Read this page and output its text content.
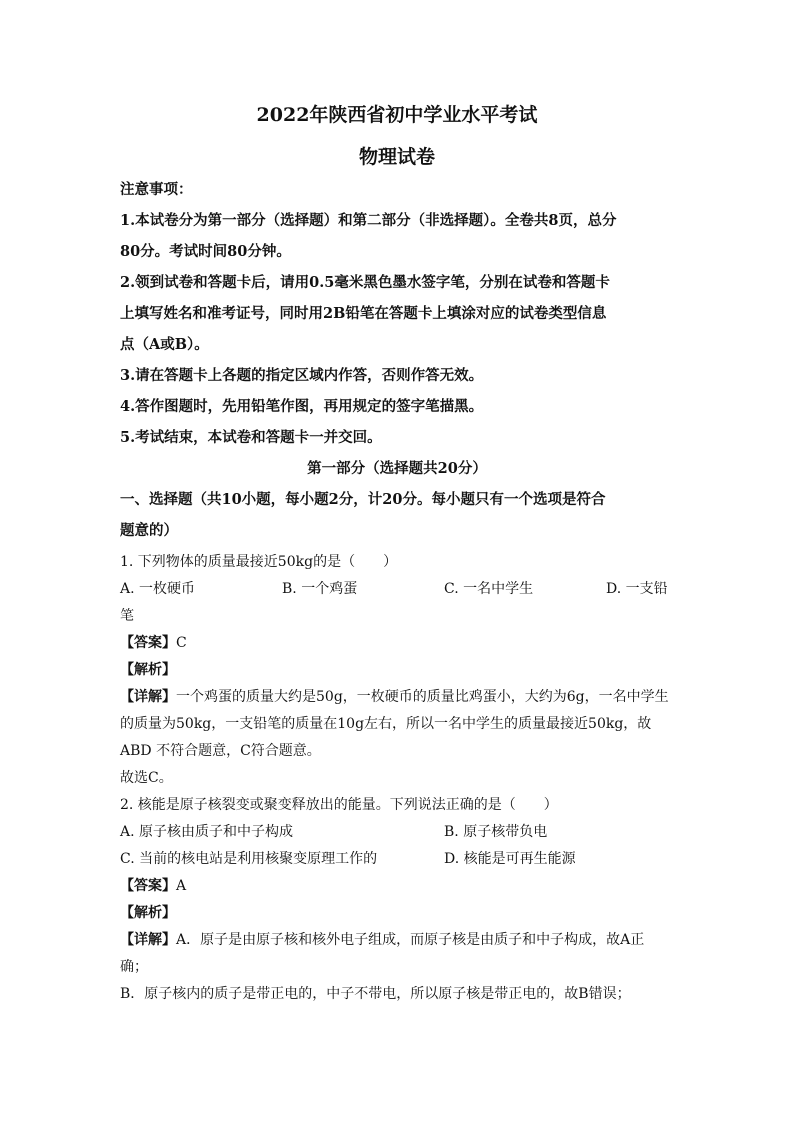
2022年陕西省初中学业水平考试
物理试卷
注意事项：
1.本试卷分为第一部分（选择题）和第二部分（非选择题）。全卷共8页，总分
80分。考试时间80分钟。
2.领到试卷和答题卡后，请用0.5毫米黑色墨水签字笔，分别在试卷和答题卡
上填写姓名和准考证号，同时用2B铅笔在答题卡上填涂对应的试卷类型信息
点（A或B）。
3.请在答题卡上各题的指定区域内作答，否则作答无效。
4.答作图题时，先用铅笔作图，再用规定的签字笔描黑。
5.考试结束，本试卷和答题卡一并交回。
第一部分（选择题共20分）
一、选择题（共10小题，每小题2分，计20分。每小题只有一个选项是符合
题意的）
1. 下列物体的质量最接近50kg的是（　　）
A. 一枚硬币	B. 一个鸡蛋	C. 一名中学生	D. 一支铅
笔
【答案】C
【解析】
【详解】一个鸡蛋的质量大约是50g，一枚硬币的质量比鸡蛋小，大约为6g，一名中学生
的质量为50kg，一支铅笔的质量在10g左右，所以一名中学生的质量最接近50kg，故
ABD 不符合题意，C符合题意。
故选C。
2. 核能是原子核裂变或聚变释放出的能量。下列说法正确的是（　　）
A. 原子核由质子和中子构成	B. 原子核带负电
C. 当前的核电站是利用核聚变原理工作的	D. 核能是可再生能源
【答案】A
【解析】
【详解】A．原子是由原子核和核外电子组成，而原子核是由质子和中子构成，故A正
确；
B．原子核内的质子是带正电的，中子不带电，所以原子核是带正电的，故B错误；
